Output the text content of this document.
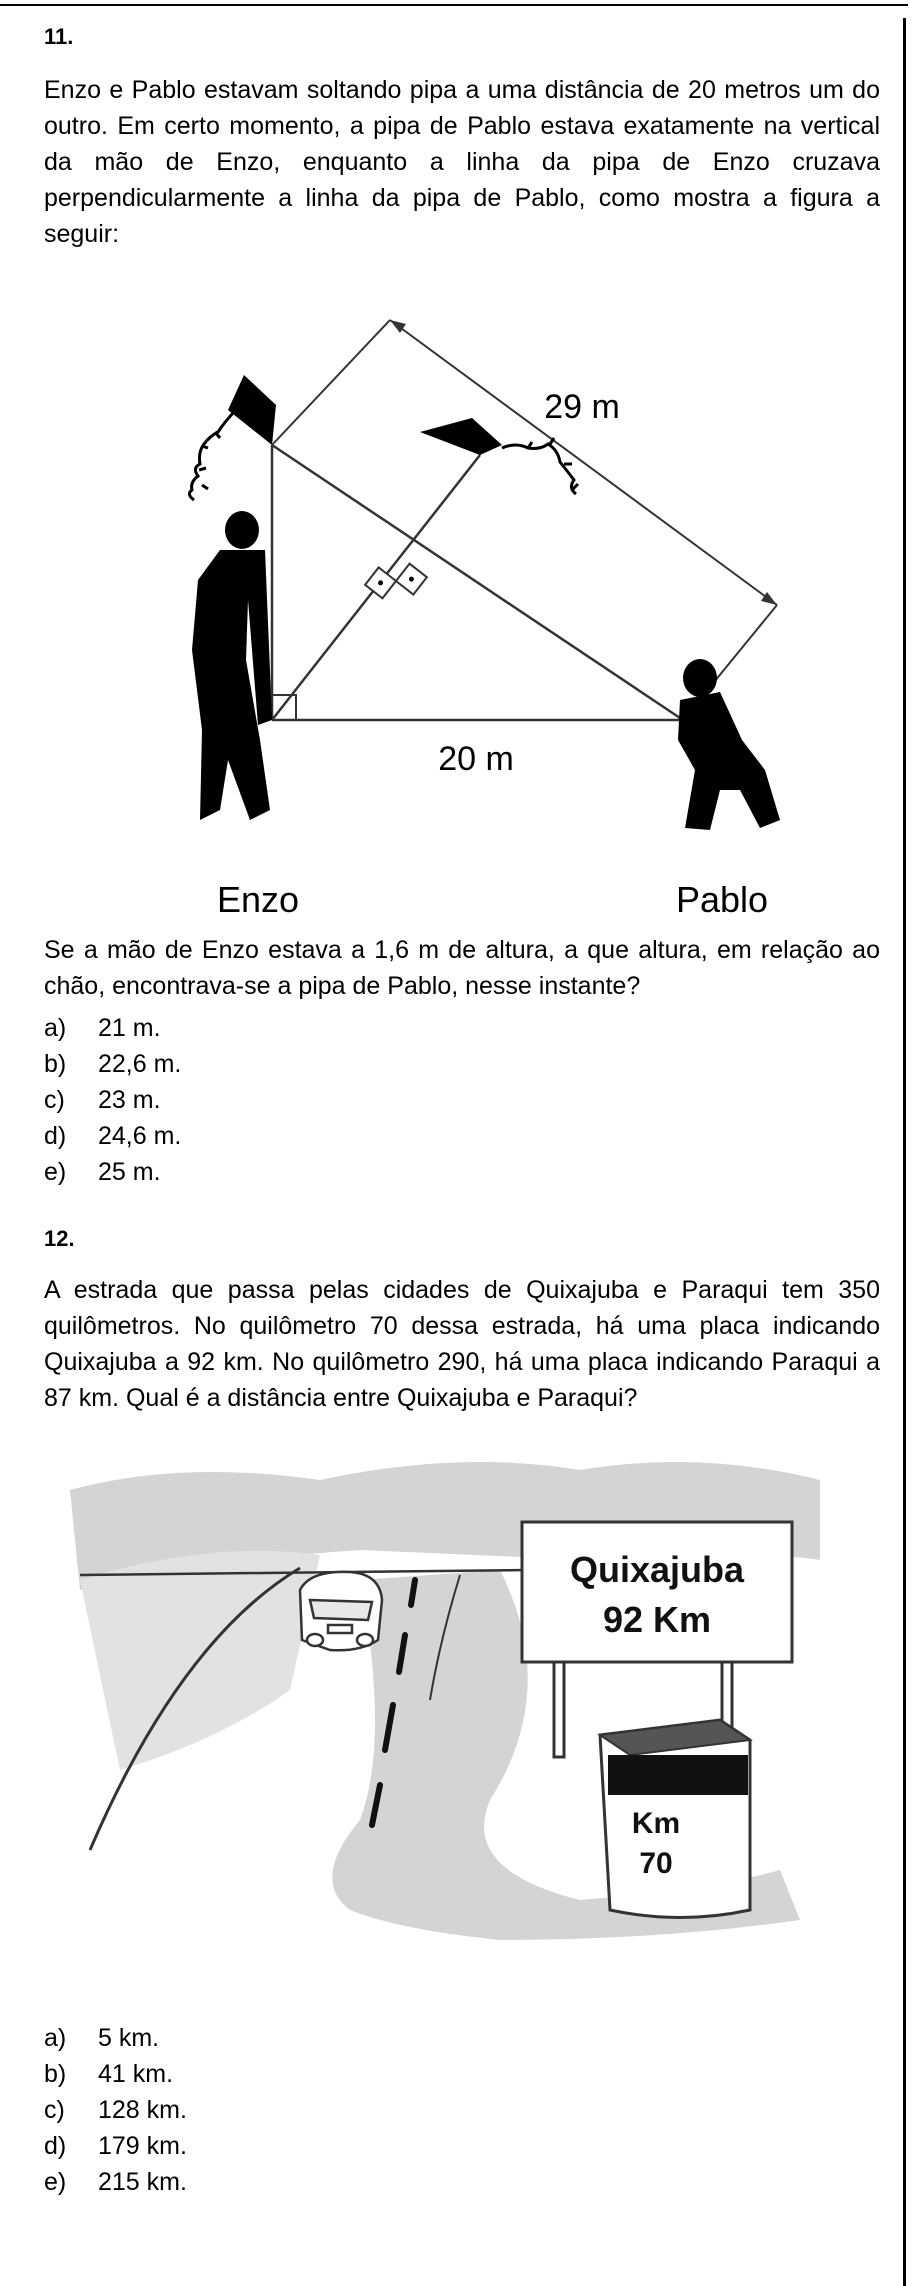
11.
Enzo e Pablo estavam soltando pipa a uma distância de 20 metros um do outro. Em certo momento, a pipa de Pablo estava exatamente na vertical da mão de Enzo, enquanto a linha da pipa de Enzo cruzava perpendicularmente a linha da pipa de Pablo, como mostra a figura a seguir:
29 m
20 m
Enzo	Pablo
Se a mão de Enzo estava a 1,6 m de altura, a que altura, em relação ao chão, encontrava-se a pipa de Pablo, nesse instante?
a)	21 m.
b)	22,6 m.
c)	23 m.
d)	24,6 m.
e)	25 m.
12.
A estrada que passa pelas cidades de Quixajuba e Paraqui tem 350 quilômetros. No quilômetro 70 dessa estrada, há uma placa indicando Quixajuba a 92 km. No quilômetro 290, há uma placa indicando Paraqui a 87 km. Qual é a distância entre Quixajuba e Paraqui?
Quixajuba
92 Km
Km
70
a)	5 km.
b)	41 km.
c)	128 km.
d)	179 km.
e)	215 km.
